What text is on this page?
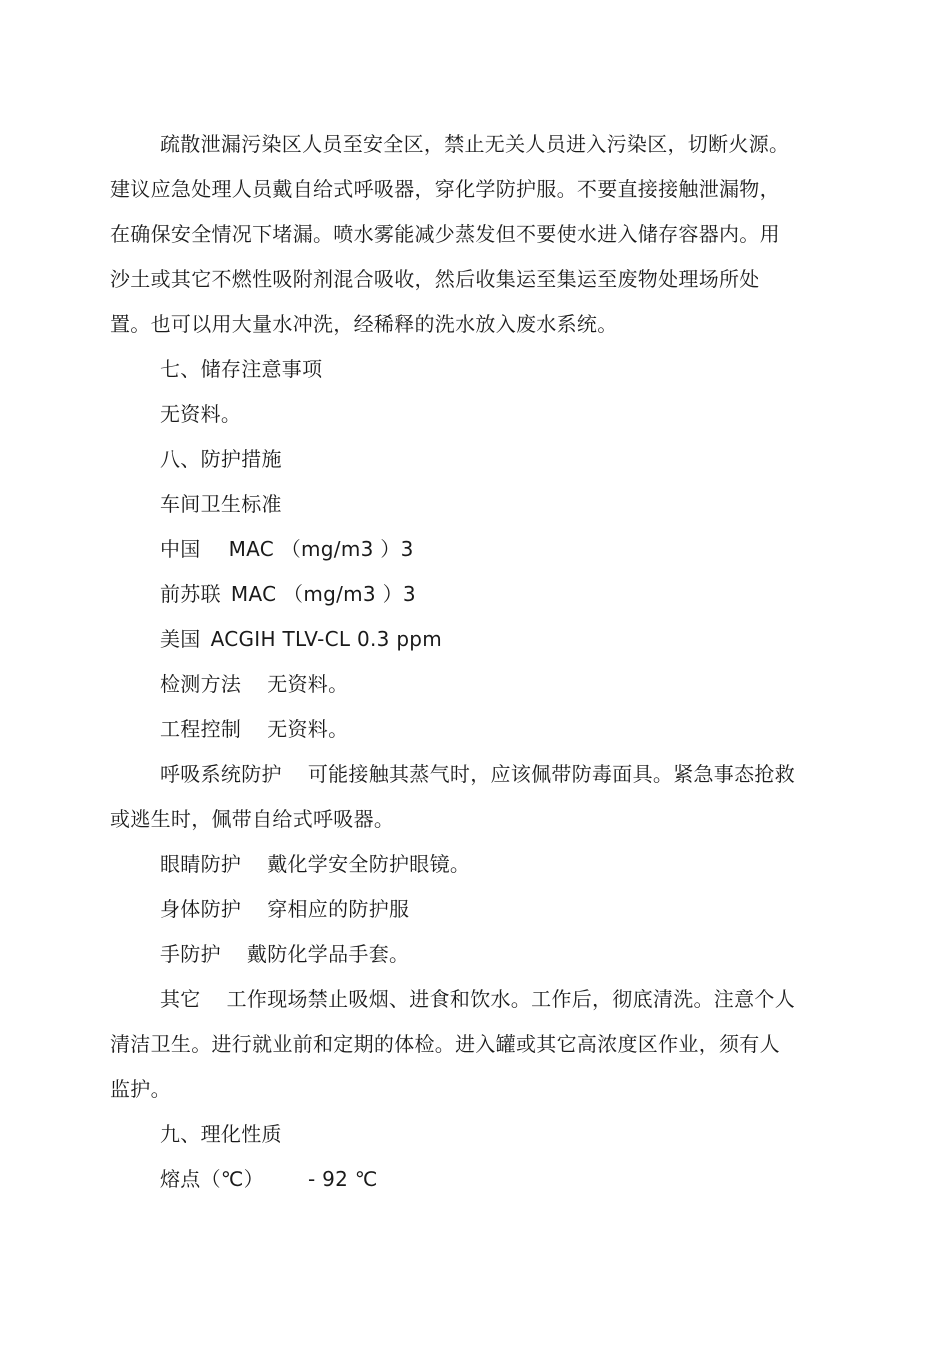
疏散泄漏污染区人员至安全区，禁止无关人员进入污染区，切断火源。
建议应急处理人员戴自给式呼吸器，穿化学防护服。不要直接接触泄漏物，
在确保安全情况下堵漏。喷水雾能减少蒸发但不要使水进入储存容器内。用
沙土或其它不燃性吸附剂混合吸收，然后收集运至集运至废物处理场所处
置。也可以用大量水冲洗，经稀释的洗水放入废水系统。
七、储存注意事项
无资料。
八、防护措施
车间卫生标准
中国 MAC （mg/m3 ）3
前苏联 MAC （mg/m3 ）3
美国 ACGIH TLV-CL 0.3 ppm
检测方法 无资料。
工程控制 无资料。
呼吸系统防护 可能接触其蒸气时，应该佩带防毒面具。紧急事态抢救
或逃生时，佩带自给式呼吸器。
眼睛防护 戴化学安全防护眼镜。
身体防护 穿相应的防护服
手防护 戴防化学品手套。
其它 工作现场禁止吸烟、进食和饮水。工作后，彻底清洗。注意个人
清洁卫生。进行就业前和定期的体检。进入罐或其它高浓度区作业，须有人
监护。
九、理化性质
熔点（℃） - 92 ℃
